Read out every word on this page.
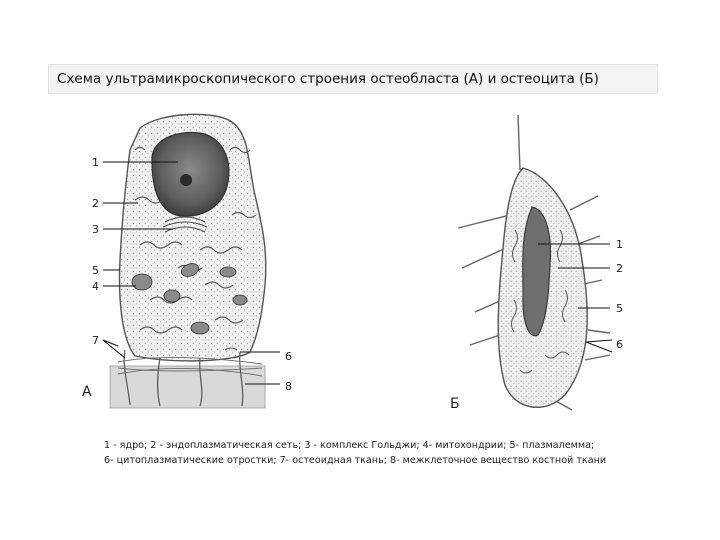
Схема ультрамикроскопического строения остеобласта (А) и остеоцита (Б)
1
2
3
5
4
7
6
8
А
1
2
5
6
Б
1 - ядро; 2 - эндоплазматическая сеть; 3 - комплекс Гольджи; 4- митохондрии; 5- плазмалемма;
6- цитоплазматические отростки; 7- остеоидная ткань; 8- межклеточное вещество костной ткани
